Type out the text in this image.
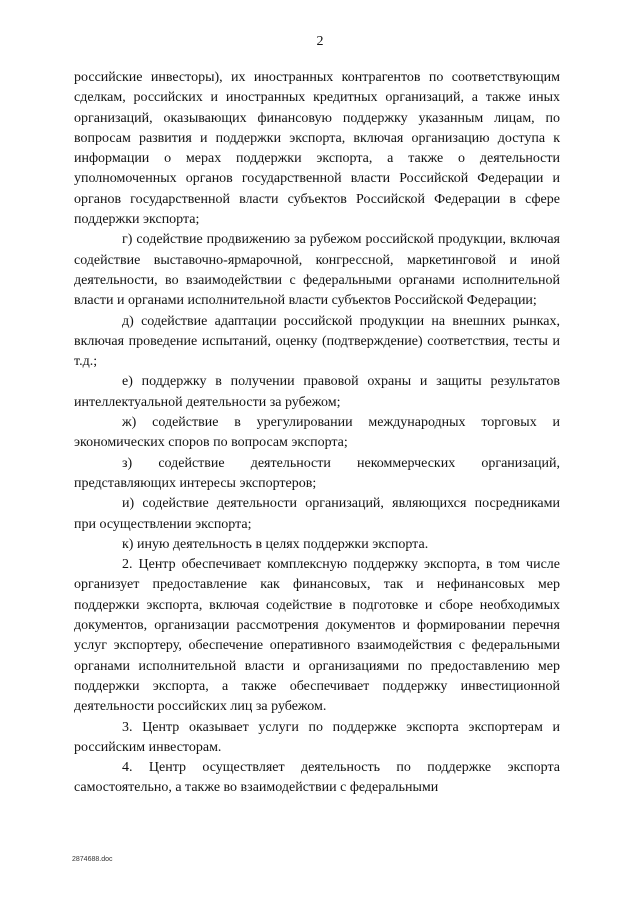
2

российские инвесторы), их иностранных контрагентов по соответствующим сделкам, российских и иностранных кредитных организаций, а также иных организаций, оказывающих финансовую поддержку указанным лицам, по вопросам развития и поддержки экспорта, включая организацию доступа к информации о мерах поддержки экспорта, а также о деятельности уполномоченных органов государственной власти Российской Федерации и органов государственной власти субъектов Российской Федерации в сфере поддержки экспорта;

г) содействие продвижению за рубежом российской продукции, включая содействие выставочно-ярмарочной, конгрессной, маркетинговой и иной деятельности, во взаимодействии с федеральными органами исполнительной власти и органами исполнительной власти субъектов Российской Федерации;

д) содействие адаптации российской продукции на внешних рынках, включая проведение испытаний, оценку (подтверждение) соответствия, тесты и т.д.;

е) поддержку в получении правовой охраны и защиты результатов интеллектуальной деятельности за рубежом;

ж) содействие в урегулировании международных торговых и экономических споров по вопросам экспорта;

з) содействие деятельности некоммерческих организаций, представляющих интересы экспортеров;

и) содействие деятельности организаций, являющихся посредниками при осуществлении экспорта;

к) иную деятельность в целях поддержки экспорта.

2. Центр обеспечивает комплексную поддержку экспорта, в том числе организует предоставление как финансовых, так и нефинансовых мер поддержки экспорта, включая содействие в подготовке и сборе необходимых документов, организации рассмотрения документов и формировании перечня услуг экспортеру, обеспечение оперативного взаимодействия с федеральными органами исполнительной власти и организациями по предоставлению мер поддержки экспорта, а также обеспечивает поддержку инвестиционной деятельности российских лиц за рубежом.

3. Центр оказывает услуги по поддержке экспорта экспортерам и российским инвесторам.

4. Центр осуществляет деятельность по поддержке экспорта самостоятельно, а также во взаимодействии с федеральными

2874688.doc
